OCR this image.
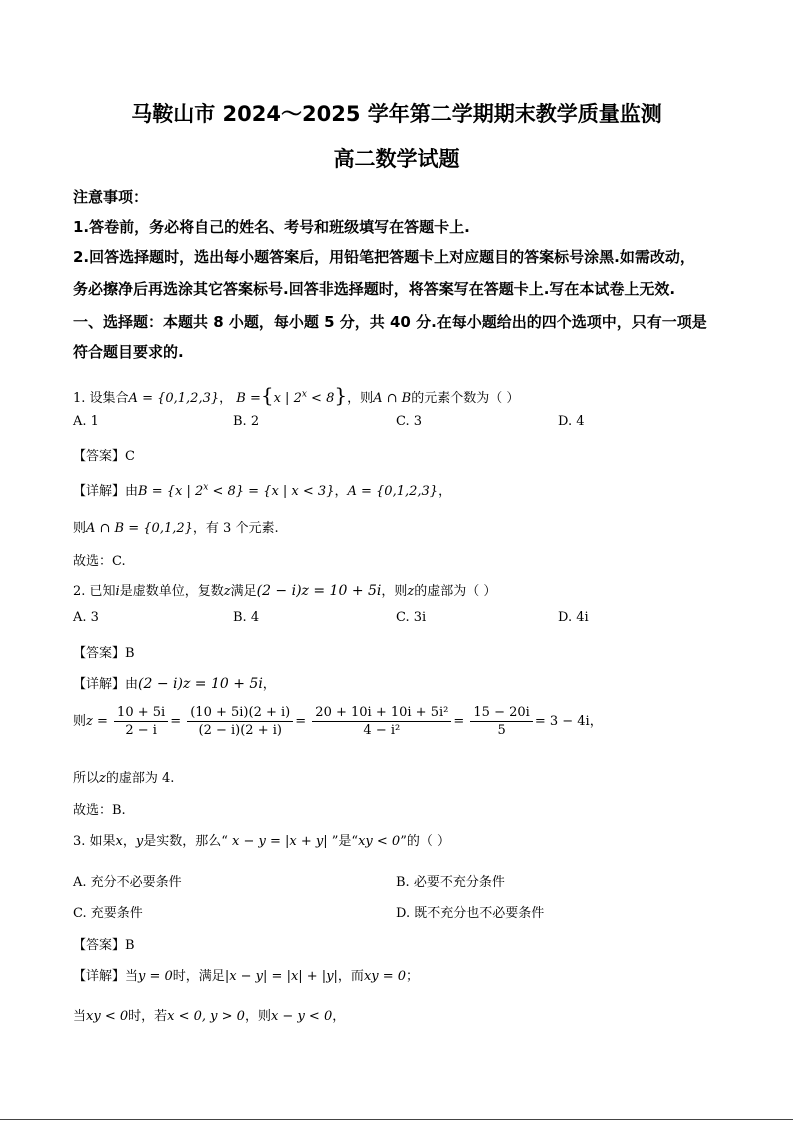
马鞍山市 2024～2025 学年第二学期期末教学质量监测
高二数学试题
注意事项：
1.答卷前，务必将自己的姓名、考号和班级填写在答题卡上.
2.回答选择题时，选出每小题答案后，用铅笔把答题卡上对应题目的答案标号涂黑.如需改动，
务必擦净后再选涂其它答案标号.回答非选择题时，将答案写在答题卡上.写在本试卷上无效.
一、选择题：本题共 8 小题，每小题 5 分，共 40 分.在每小题给出的四个选项中，只有一项是
符合题目要求的.
1. 设集合A = {0,1,2,3}， B ={x | $2^x < 8$}，则A ∩ B的元素个数为（ ）
A. 1	B. 2	C. 3	D. 4
【答案】C
【详解】由B = {x | $2^x < 8\} = \{x$ | x < 3}，A = {0,1,2,3}，
则A ∩ B = {0,1,2}，有 3 个元素.
故选：C.
2. 已知i是虚数单位，复数z满足(2 − i)z = 10 + 5i，则z的虚部为（ ）
A. 3	B. 4	C. 3i	D. 4i
【答案】B
【详解】由(2 − i)z = 10 + 5i，
则$z = \frac{10 + 5i}{2 - i} = \frac{(10 + 5i)(2 + i)}{(2 - i)(2 + i)} = \frac{\text{20 + 10i + 10i + 5i²}}{\text{4 − i²}} = \frac{15 - 20i}{5} = 3 - 4i$，
所以z的虚部为 4.
故选：B.
3. 如果x，y是实数，那么“ x − y = |x + y| ”是“xy < 0”的（ ）
A. 充分不必要条件	B. 必要不充分条件
C. 充要条件	D. 既不充分也不必要条件
【答案】B
【详解】当y = 0时，满足|x − y| = |x| + |y|，而xy = 0；
当xy < 0时，若x < 0, y > 0，则x − y < 0，
